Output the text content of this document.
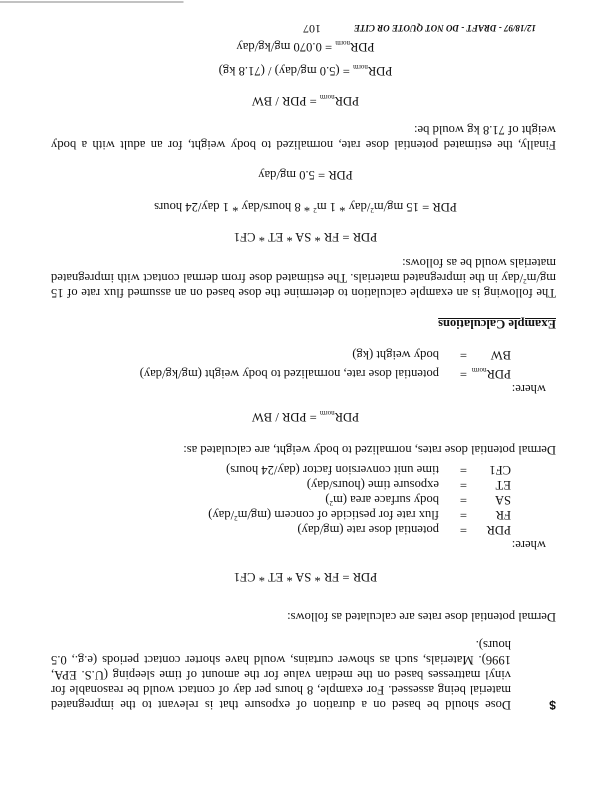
$
Dose should be based on a duration of exposure that is relevant to the impregnated material being assessed. For example, 8 hours per day of contact would be reasonable for vinyl mattresses based on the median value for the amount of time sleeping (U.S. EPA, 1996). Materials, such as shower curtains, would have shorter contact periods (e.g., 0.5 hours).
Dermal potential dose rates are calculated as follows:
PDR = FR * SA * ET * CF1
where:
PDR
=
potential dose rate (mg/day)
FR
=
flux rate for pesticide of concern $(mg/m^2/day)$
SA
=
body surface area $(m^2)$
ET
=
exposure time (hours/day)
CF1
=
time unit conversion factor (day/24 hours)
Dermal potential dose rates, normalized to body weight, are calculated as:
$PDR_{norm}$ = PDR / BW
where:
$PDR_{norm}$
=
potential dose rate, normalized to body weight (mg/kg/day)
BW
=
body weight (kg)
Example Calculations
The following is an example calculation to determine the dose based on an assumed flux rate of 15 $mg/m^2$/day in the impregnated materials. The estimated dose from dermal contact with impregnated materials would be as follows:
PDR = FR * SA * ET * CF1
PDR = 15 $mg/m^2$/day * 1 $m^2 * 8$ hours/day * 1 day/24 hours
PDR = 5.0 mg/day
Finally, the estimated potential dose rate, normalized to body weight, for an adult with a body weight of 71.8 kg would be:
$PDR_{norm}$ = PDR / BW
$PDR_{norm} = (5.0$ mg/day) / (71.8 kg)
$PDR_{norm} = 0.070$ mg/kg/day
12/18/97 - DRAFT - DO NOT QUOTE OR CITE
107
